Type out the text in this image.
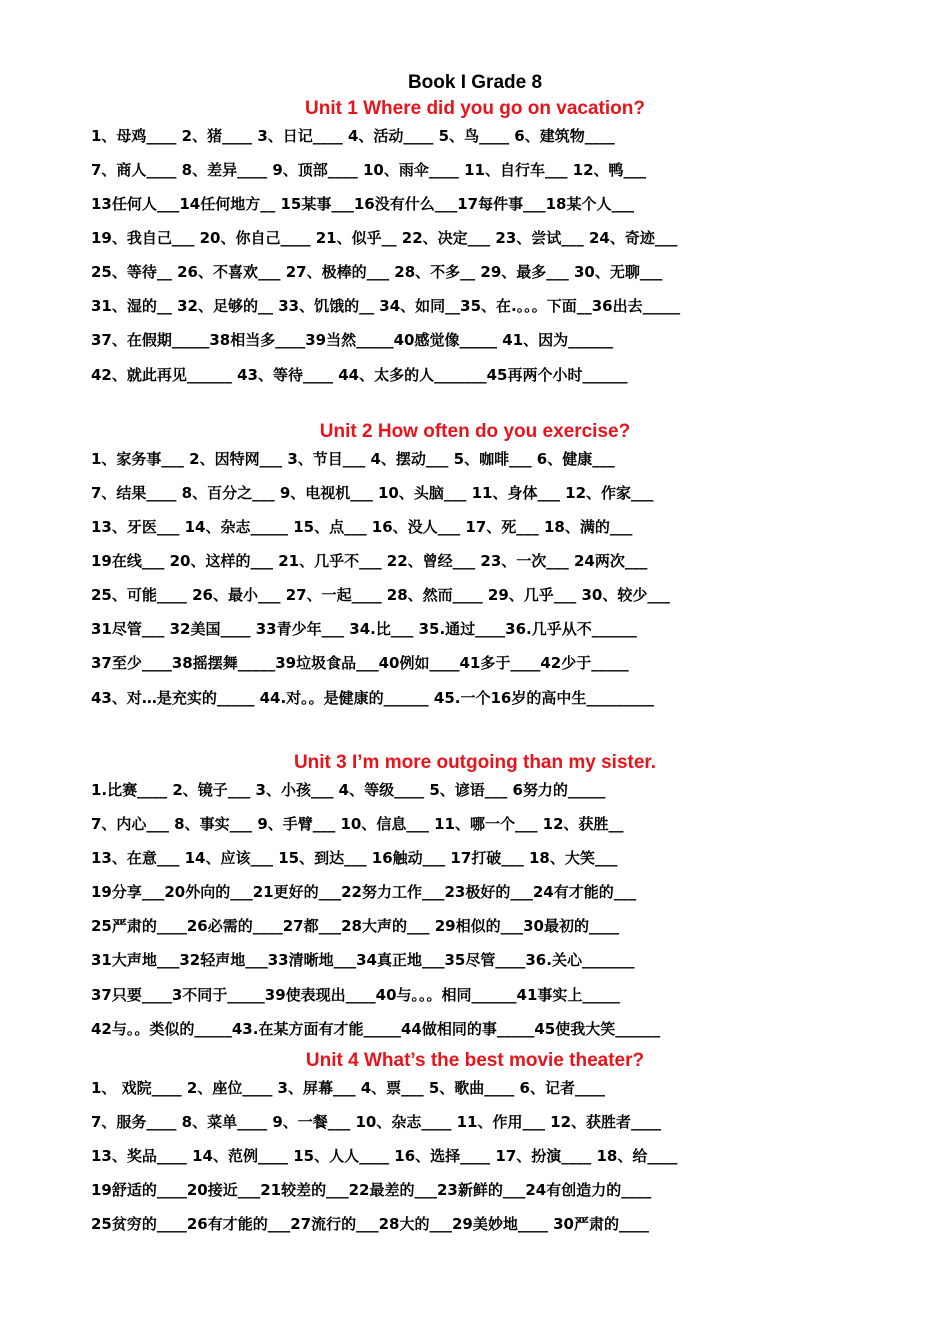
Book I Grade 8
Unit 1 Where did you go on vacation?
1、母鸡____ 2、猪____ 3、日记____ 4、活动____ 5、鸟____ 6、建筑物____
7、商人____ 8、差异____ 9、顶部____ 10、雨伞____ 11、自行车___ 12、鸭___
13任何人___14任何地方__ 15某事___16没有什么___17每件事___18某个人___
19、我自己___ 20、你自己____ 21、似乎__ 22、决定___ 23、尝试___ 24、奇迹___
25、等待__ 26、不喜欢___ 27、极棒的___ 28、不多__ 29、最多___ 30、无聊___
31、湿的__ 32、足够的__ 33、饥饿的__ 34、如同__35、在.。。。下面__36出去_____
37、在假期_____38相当多____39当然_____40感觉像_____ 41、因为______
42、就此再见______ 43、等待____ 44、太多的人_______45再两个小时______
Unit 2 How often do you exercise?
1、家务事___ 2、因特网___ 3、节目___ 4、摆动___ 5、咖啡___ 6、健康___
7、结果____ 8、百分之___ 9、电视机___ 10、头脑___ 11、身体___ 12、作家___
13、牙医___ 14、杂志_____ 15、点___ 16、没人___ 17、死___ 18、满的___
19在线___ 20、这样的___ 21、几乎不___ 22、曾经___ 23、一次___ 24两次___
25、可能____ 26、最小___ 27、一起____ 28、然而____ 29、几乎___ 30、较少___
31尽管___ 32美国____ 33青少年___ 34.比___ 35.通过____36.几乎从不______
37至少____38摇摆舞_____39垃圾食品___40例如____41多于____42少于_____
43、对…是充实的_____ 44.对。。是健康的______ 45.一个16岁的高中生_________
Unit 3 I’m more outgoing than my sister.
1.比赛____ 2、镜子___ 3、小孩___ 4、等级____ 5、谚语___ 6努力的_____
7、内心___ 8、事实___ 9、手臂___ 10、信息___ 11、哪一个___ 12、获胜__
13、在意___ 14、应该___ 15、到达___ 16触动___ 17打破___ 18、大笑___
19分享___20外向的___21更好的___22努力工作___23极好的___24有才能的___
25严肃的____26必需的____27都___28大声的___ 29相似的___30最初的____
31大声地___32轻声地___33清晰地___34真正地___35尽管____36.关心_______
37只要____3不同于_____39使表现出____40与。。。相同______41事实上_____
42与。。类似的_____43.在某方面有才能_____44做相同的事_____45使我大笑______
Unit 4 What’s the best movie theater?
1、 戏院____ 2、座位____ 3、屏幕___ 4、票___ 5、歌曲____ 6、记者____
7、服务____ 8、菜单____ 9、一餐___ 10、杂志____ 11、作用___ 12、获胜者____
13、奖品____ 14、范例____ 15、人人____ 16、选择____ 17、扮演____ 18、给____
19舒适的____20接近___21较差的___22最差的___23新鲜的___24有创造力的____
25贫穷的____26有才能的___27流行的___28大的___29美妙地____ 30严肃的____
